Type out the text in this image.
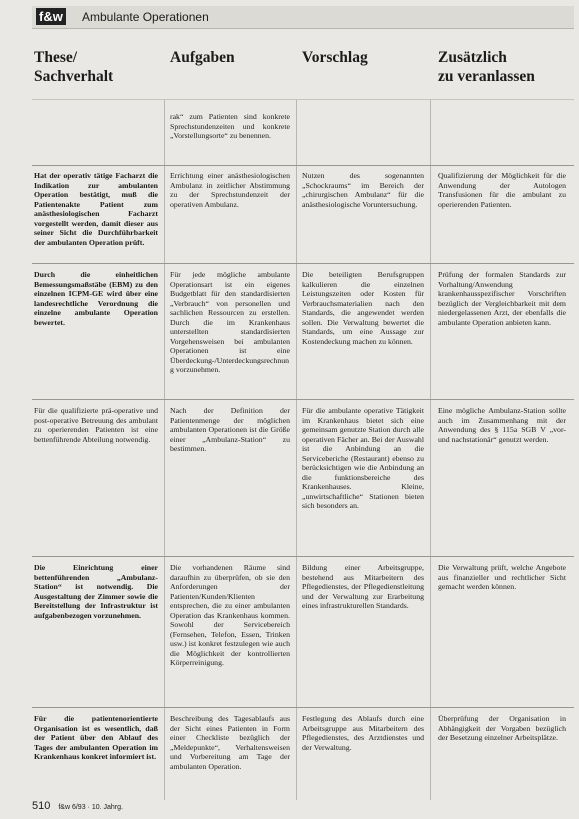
f&w Ambulante Operationen
These/
Sachverhalt
Aufgaben	Vorschlag	Zusätzlich
zu veranlassen
rak“ zum Patienten sind konkrete Sprechstundenzeiten und konkrete „Vorstellungsorte“ zu benennen.
Hat der operativ tätige Facharzt die Indikation zur ambulanten Operation bestätigt, muß die Patientenakte Patient zum anästhesiologischen Facharzt vorgestellt werden, damit dieser aus seiner Sicht die Durchführbarkeit der ambulanten Operation prüft.
Errichtung einer anästhesiologischen Ambulanz in zeitlicher Abstimmung zu der Sprechstundenzeit der operativen Ambulanz.
Nutzen des sogenannten „Schockraums“ im Bereich der „chirurgischen Ambulanz“ für die anästhesiologische Voruntersuchung.
Qualifizierung der Möglichkeit für die Anwendung der Autologen Transfusionen für die ambulant zu operierenden Patienten.
Durch die einheitlichen Bemessungsmaßstäbe (EBM) zu den einzelnen ICPM-GE wird über eine landesrechtliche Verordnung die einzelne ambulante Operation bewertet.
Für jede mögliche ambulante Operationsart ist ein eigenes Budgetblatt für den standardisierten „Verbrauch“ von personellen und sachlichen Ressourcen zu erstellen. Durch die im Krankenhaus unterstellten standardisierten Vorgehensweisen bei ambulanten Operationen ist eine Überdeckung-/Unterdeckungsrechnung vorzunehmen.
Die beteiligten Berufsgruppen kalkulieren die einzelnen Leistungszeiten oder Kosten für Verbrauchsmaterialien nach den Standards, die angewendet werden sollen. Die Verwaltung bewertet die Standards, um eine Aussage zur Kostendeckung machen zu können.
Prüfung der formalen Standards zur Vorhaltung/Anwendung krankenhausspezifischer Vorschriften bezüglich der Vergleichbarkeit mit dem niedergelassenen Arzt, der ebenfalls die ambulante Operation anbieten kann.
Für die qualifizierte prä-operative und post-operative Betreuung des ambulant zu operierenden Patienten ist eine bettenführende Abteilung notwendig.
Nach der Definition der Patientenmenge der möglichen ambulanten Operationen ist die Größe einer „Ambulanz-Station“ zu bestimmen.
Für die ambulante operative Tätigkeit im Krankenhaus bietet sich eine gemeinsam genutzte Station durch alle operativen Fächer an. Bei der Auswahl ist die Anbindung an die Serviceberiche (Restaurant) ebenso zu berücksichtigen wie die Anbindung an die funktionsbereiche des Krankenhauses. Kleine, „unwirtschaftliche“ Stationen bieten sich besonders an.
Eine mögliche Ambulanz-Station sollte auch im Zusammenhang mit der Anwendung des § 115a SGB V „vor- und nachstationär“ genutzt werden.
Die Einrichtung einer bettenführenden „Ambulanz-Station“ ist notwendig. Die Ausgestaltung der Zimmer sowie die Bereitstellung der Infrastruktur ist aufgabenbezogen vorzunehmen.
Die vorhandenen Räume sind daraufhin zu überprüfen, ob sie den Anforderungen der Patienten/Kunden/Klienten entsprechen, die zu einer ambulanten Operation das Krankenhaus kommen. Sowohl der Servicebereich (Fernsehen, Telefon, Essen, Trinken usw.) ist konkret festzulegen wie auch die Möglichkeit der kontrollierten Körperreinigung.
Bildung einer Arbeitsgruppe, bestehend aus Mitarbeitern des Pflegedienstes, der Pflegedienstleitung und der Verwaltung zur Erarbeitung eines infrastrukturellen Standards.
Die Verwaltung prüft, welche Angebote aus finanzieller und rechtlicher Sicht gemacht werden können.
Für die patientenorientierte Organisation ist es wesentlich, daß der Patient über den Ablauf des Tages der ambulanten Operation im Krankenhaus konkret informiert ist.
Beschreibung des Tagesablaufs aus der Sicht eines Patienten in Form einer Checkliste bezüglich der „Meldepunkte“, Verhaltensweisen und Vorbereitung am Tage der ambulanten Operation.
Festlegung des Ablaufs durch eine Arbeitsgruppe aus Mitarbeitern des Pflegedienstes, des Arztdienstes und der Verwaltung.
Überprüfung der Organisation in Abhängigkeit der Vorgaben bezüglich der Besetzung einzelner Arbeitsplätze.
510 f&w 6/93 · 10. Jahrg.
